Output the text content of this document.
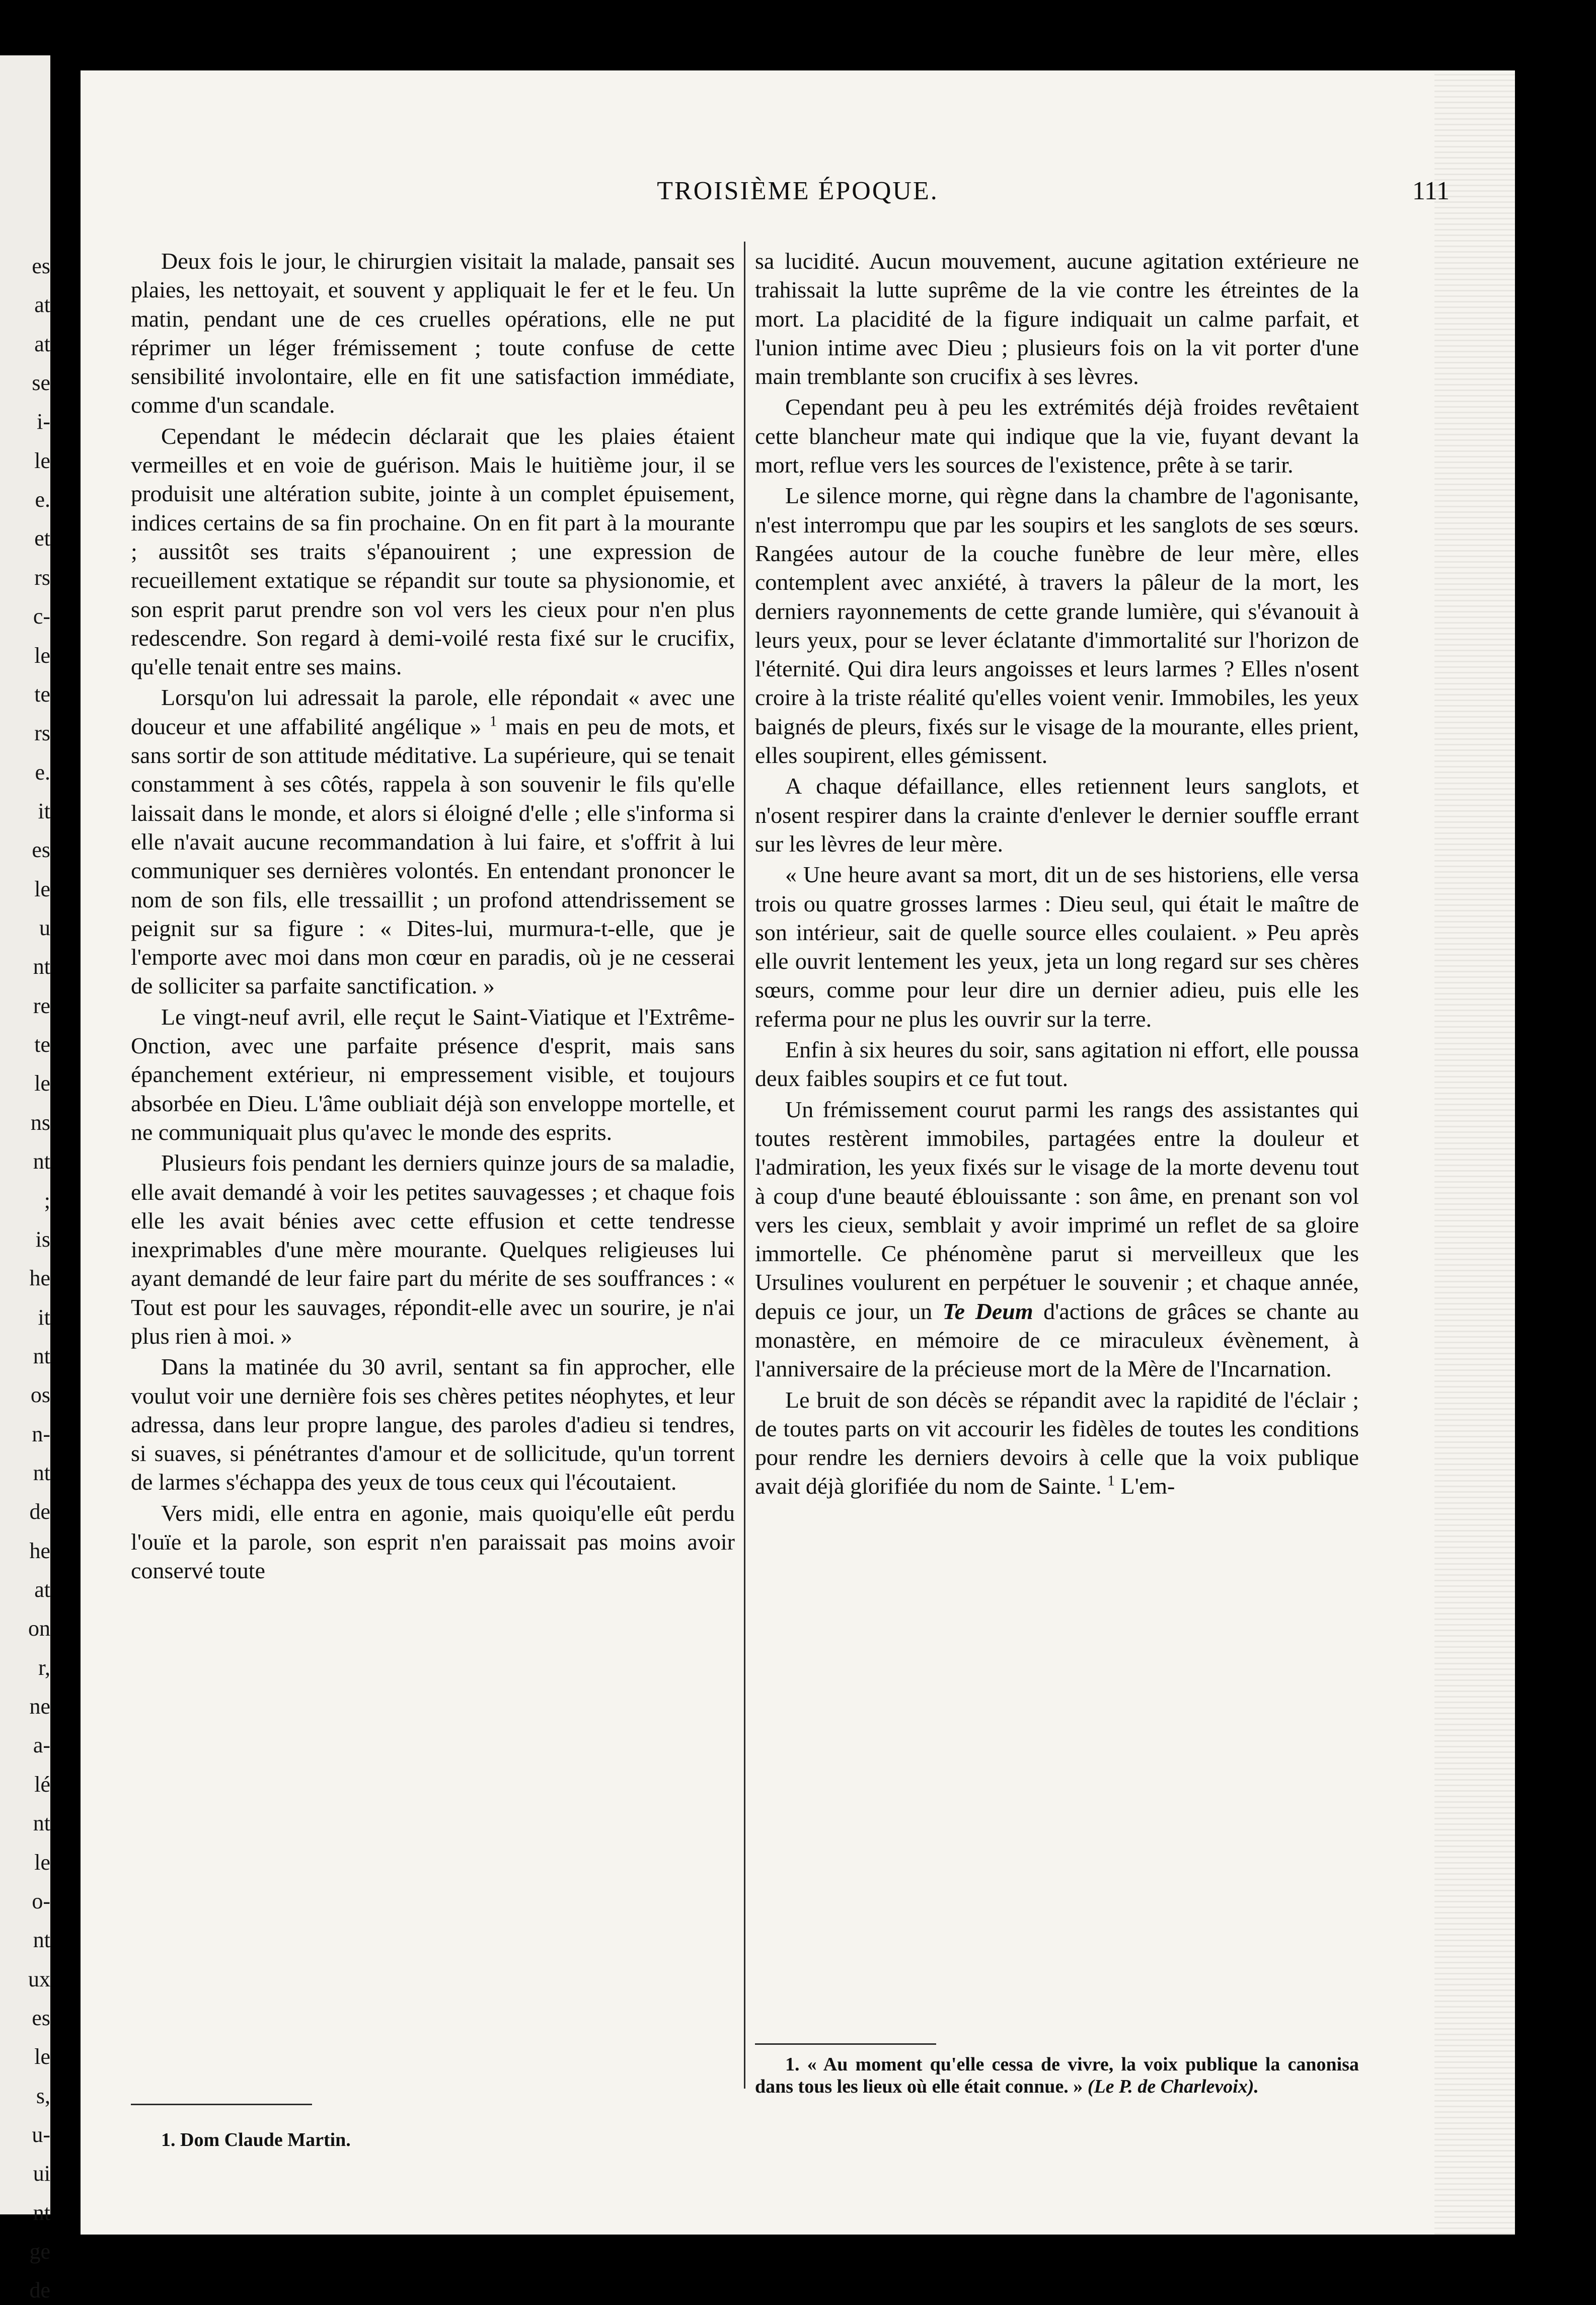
es
at
at
se
i-
le
e.
et
rs
c-
le
te
rs
e.
it
es
le
u
nt
re
te
le
ns
nt
;
is
he
it
nt
os
n-
nt
de
he
at
on
r,
ne
a-
lé
nt
le
o-
nt
ux
es
le
s,
u-
ui
nt
ge
de
TROISIÈME ÉPOQUE.	111

Deux fois le jour, le chirurgien visitait la malade, pansait ses plaies, les nettoyait, et souvent y appliquait le fer et le feu. Un matin, pendant une de ces cruelles opérations, elle ne put réprimer un léger frémissement ; toute confuse de cette sensibilité involontaire, elle en fit une satisfaction immédiate, comme d'un scandale.

Cependant le médecin déclarait que les plaies étaient vermeilles et en voie de guérison. Mais le huitième jour, il se produisit une altération subite, jointe à un complet épuisement, indices certains de sa fin prochaine. On en fit part à la mourante ; aussitôt ses traits s'épanouirent ; une expression de recueillement extatique se répandit sur toute sa physionomie, et son esprit parut prendre son vol vers les cieux pour n'en plus redescendre. Son regard à demi-voilé resta fixé sur le crucifix, qu'elle tenait entre ses mains.

Lorsqu'on lui adressait la parole, elle répondait « avec une douceur et une affabilité angélique » $^1$ mais en peu de mots, et sans sortir de son attitude méditative. La supérieure, qui se tenait constamment à ses côtés, rappela à son souvenir le fils qu'elle laissait dans le monde, et alors si éloigné d'elle ; elle s'informa si elle n'avait aucune recommandation à lui faire, et s'offrit à lui communiquer ses dernières volontés. En entendant prononcer le nom de son fils, elle tressaillit ; un profond attendrissement se peignit sur sa figure : « Dites-lui, murmura-t-elle, que je l'emporte avec moi dans mon cœur en paradis, où je ne cesserai de solliciter sa parfaite sanctification. »

Le vingt-neuf avril, elle reçut le Saint-Viatique et l'Extrême-Onction, avec une parfaite présence d'esprit, mais sans épanchement extérieur, ni empressement visible, et toujours absorbée en Dieu. L'âme oubliait déjà son enveloppe mortelle, et ne communiquait plus qu'avec le monde des esprits.

Plusieurs fois pendant les derniers quinze jours de sa maladie, elle avait demandé à voir les petites sauvagesses ; et chaque fois elle les avait bénies avec cette effusion et cette tendresse inexprimables d'une mère mourante. Quelques religieuses lui ayant demandé de leur faire part du mérite de ses souffrances : « Tout est pour les sauvages, répondit-elle avec un sourire, je n'ai plus rien à moi. »

Dans la matinée du 30 avril, sentant sa fin approcher, elle voulut voir une dernière fois ses chères petites néophytes, et leur adressa, dans leur propre langue, des paroles d'adieu si tendres, si suaves, si pénétrantes d'amour et de sollicitude, qu'un torrent de larmes s'échappa des yeux de tous ceux qui l'écoutaient.

Vers midi, elle entra en agonie, mais quoiqu'elle eût perdu l'ouïe et la parole, son esprit n'en paraissait pas moins avoir conservé toute

sa lucidité. Aucun mouvement, aucune agitation extérieure ne trahissait la lutte suprême de la vie contre les étreintes de la mort. La placidité de la figure indiquait un calme parfait, et l'union intime avec Dieu ; plusieurs fois on la vit porter d'une main tremblante son crucifix à ses lèvres.

Cependant peu à peu les extrémités déjà froides revêtaient cette blancheur mate qui indique que la vie, fuyant devant la mort, reflue vers les sources de l'existence, prête à se tarir.

Le silence morne, qui règne dans la chambre de l'agonisante, n'est interrompu que par les soupirs et les sanglots de ses sœurs. Rangées autour de la couche funèbre de leur mère, elles contemplent avec anxiété, à travers la pâleur de la mort, les derniers rayonnements de cette grande lumière, qui s'évanouit à leurs yeux, pour se lever éclatante d'immortalité sur l'horizon de l'éternité. Qui dira leurs angoisses et leurs larmes ? Elles n'osent croire à la triste réalité qu'elles voient venir. Immobiles, les yeux baignés de pleurs, fixés sur le visage de la mourante, elles prient, elles soupirent, elles gémissent.

A chaque défaillance, elles retiennent leurs sanglots, et n'osent respirer dans la crainte d'enlever le dernier souffle errant sur les lèvres de leur mère.

« Une heure avant sa mort, dit un de ses historiens, elle versa trois ou quatre grosses larmes : Dieu seul, qui était le maître de son intérieur, sait de quelle source elles coulaient. » Peu après elle ouvrit lentement les yeux, jeta un long regard sur ses chères sœurs, comme pour leur dire un dernier adieu, puis elle les referma pour ne plus les ouvrir sur la terre.

Enfin à six heures du soir, sans agitation ni effort, elle poussa deux faibles soupirs et ce fut tout.

Un frémissement courut parmi les rangs des assistantes qui toutes restèrent immobiles, partagées entre la douleur et l'admiration, les yeux fixés sur le visage de la morte devenu tout à coup d'une beauté éblouissante : son âme, en prenant son vol vers les cieux, semblait y avoir imprimé un reflet de sa gloire immortelle. Ce phénomène parut si merveilleux que les Ursulines voulurent en perpétuer le souvenir ; et chaque année, depuis ce jour, un Te Deum d'actions de grâces se chante au monastère, en mémoire de ce miraculeux évènement, à l'anniversaire de la précieuse mort de la Mère de l'Incarnation.

Le bruit de son décès se répandit avec la rapidité de l'éclair ; de toutes parts on vit accourir les fidèles de toutes les conditions pour rendre les derniers devoirs à celle que la voix publique avait déjà glorifiée du nom de Sainte. $^1$ L'em-

1. Dom Claude Martin.
1. « Au moment qu'elle cessa de vivre, la voix publique la canonisa dans tous les lieux où elle était connue. » (Le P. de Charlevoix).
